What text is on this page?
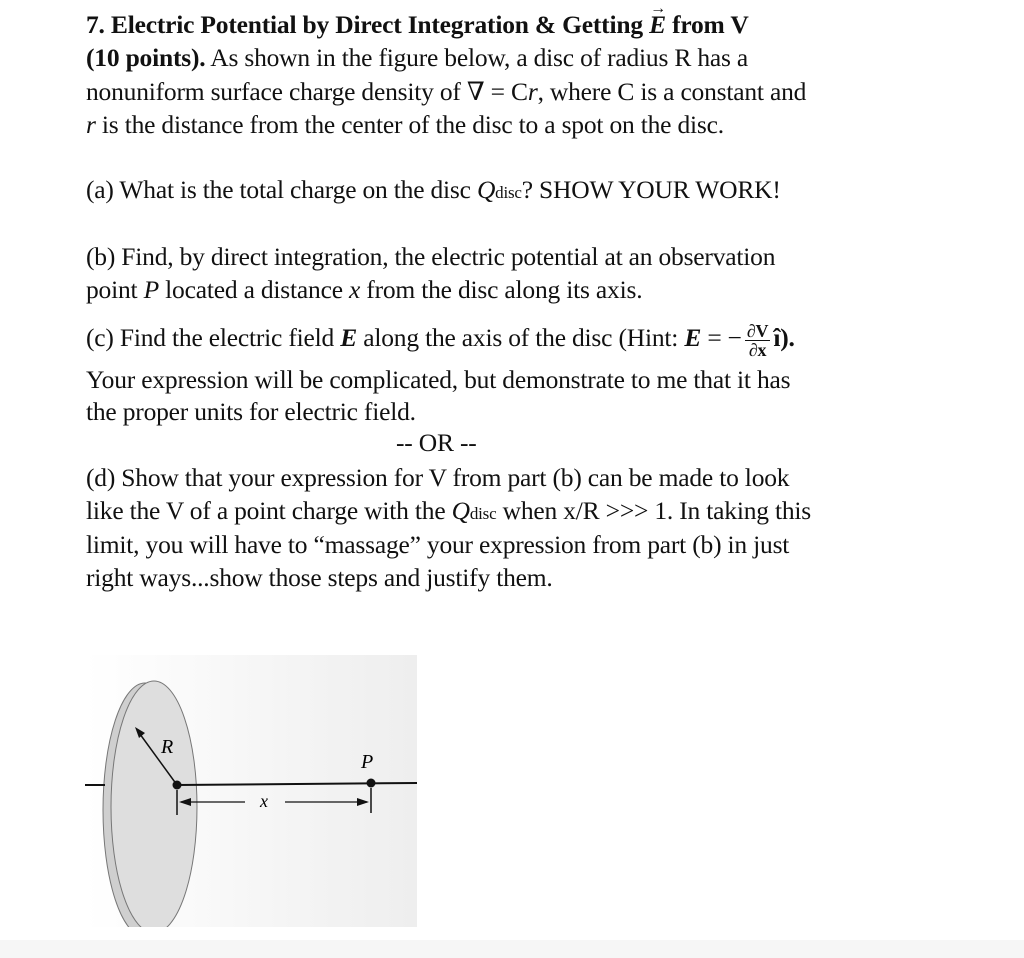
7. Electric Potential by Direct Integration & Getting → E from V
(10 points). As shown in the figure below, a disc of radius R has a
nonuniform surface charge density of ∇ = Cr, where C is a constant and
r is the distance from the center of the disc to a spot on the disc.
(a) What is the total charge on the disc Qdisc? SHOW YOUR WORK!
(b) Find, by direct integration, the electric potential at an observation
point P located a distance x from the disc along its axis.
(c) Find the electric field E along the axis of the disc (Hint: E = − $\frac{\partial V}{\partial x}$ î).
Your expression will be complicated, but demonstrate to me that it has
the proper units for electric field.
-- OR --
(d) Show that your expression for V from part (b) can be made to look
like the V of a point charge with the Qdisc when x/R >>> 1. In taking this
limit, you will have to “massage” your expression from part (b) in just
right ways...show those steps and justify them.
R
P
x
